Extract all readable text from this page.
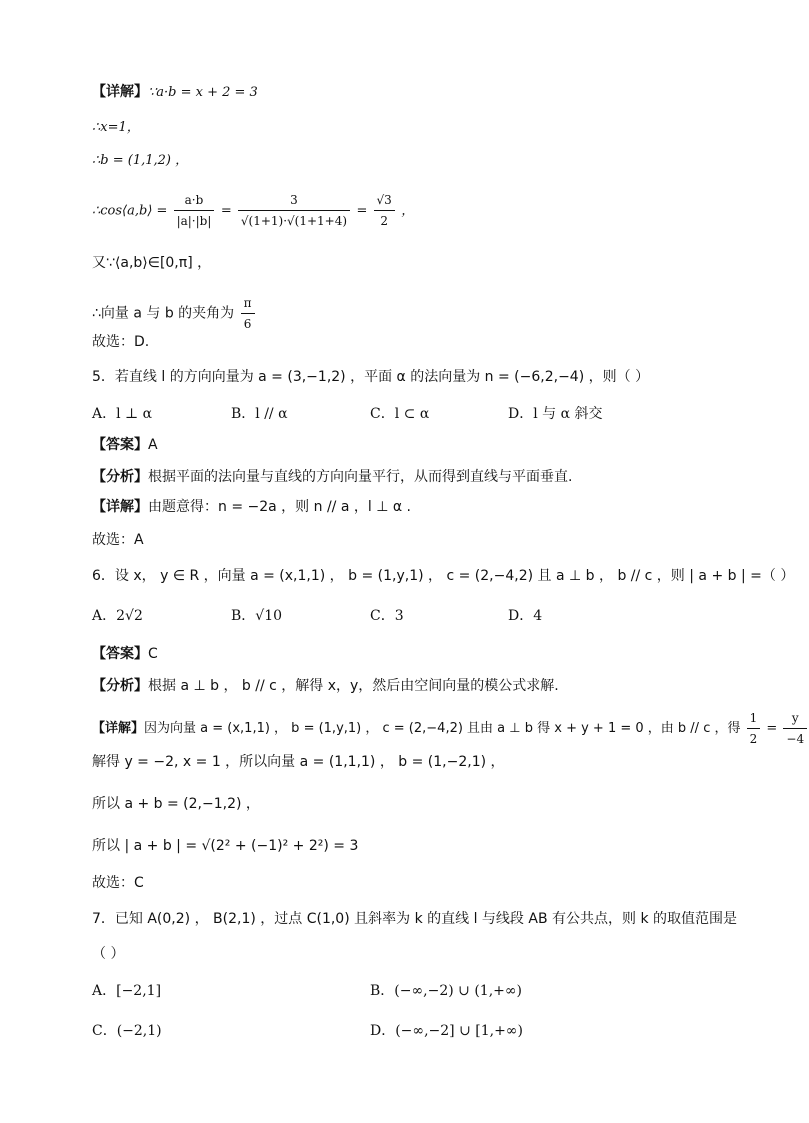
【详解】∵a·b = x + 2 = 3
∴x=1，
∴b = (1,1,2) ，
∴cos⟨a,b⟩ = $\frac{a\cdot b}{|a|\cdot|b|} = \frac{3}{√(1+1)\cdot√(1+1+4)} = \frac{√3}{2}$ ，
又∵⟨a,b⟩∈[0,π] ，
∴向量 a 与 b 的夹角为 $\frac{\pi}{6}$
故选：D.
5．若直线 l 的方向向量为 a = (3,−1,2) ，平面 α 的法向量为 n = (−6,2,−4) ，则（ ）
A．l ⊥ α	B．l // α	C．l ⊂ α	D．l 与 α 斜交
【答案】A
【分析】根据平面的法向量与直线的方向向量平行，从而得到直线与平面垂直.
【详解】由题意得：n = −2a ，则 n // a ，l ⊥ α .
故选：A
6．设 x， y ∈ R ，向量 a = (x,1,1) ， b = (1,y,1) ， c = (2,−4,2) 且 a ⊥ b ， b // c ，则 | a + b | =（ ）
A．2√2	B．√10	C．3	D．4
【答案】C
【分析】根据 a ⊥ b ， b // c ，解得 x，y，然后由空间向量的模公式求解.
【详解】因为向量 a = (x,1,1) ， b = (1,y,1) ， c = (2,−4,2) 且由 a ⊥ b 得 x + y + 1 = 0 ，由 b // c ，得 $\frac{1}{2} = \frac{y}{-4}$
解得 y = −2, x = 1 ，所以向量 a = (1,1,1) ， b = (1,−2,1) ，
所以 a + b = (2,−1,2) ，
所以 | a + b | = √(2² + (−1)² + 2²) = 3
故选：C
7．已知 A(0,2) ， B(2,1) ，过点 C(1,0) 且斜率为 k 的直线 l 与线段 AB 有公共点，则 k 的取值范围是
（ ）
A．[−2,1]	B．(−∞,−2) ∪ (1,+∞)
C．(−2,1)	D．(−∞,−2] ∪ [1,+∞)
